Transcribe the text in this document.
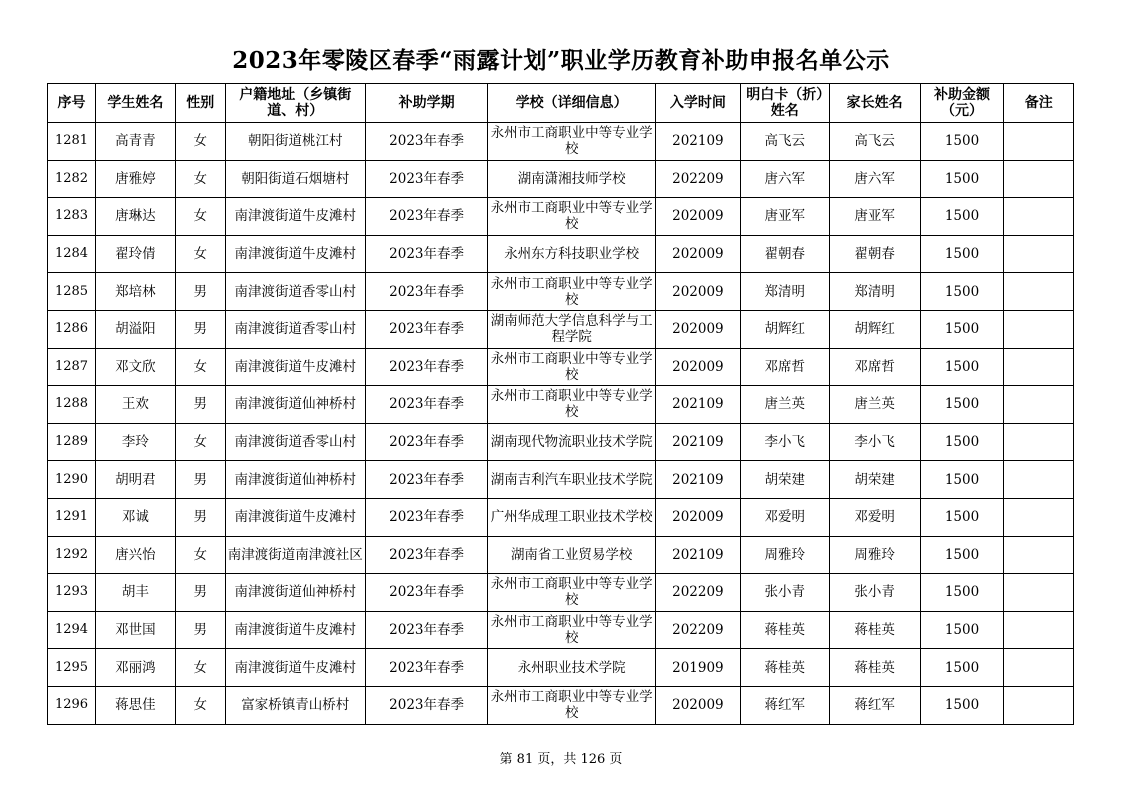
2023年零陵区春季“雨露计划”职业学历教育补助申报名单公示
序号	学生姓名	性别	户籍地址（乡镇街道、村）	补助学期	学校（详细信息）	入学时间	明白卡（折）姓名	家长姓名	补助金额（元）	备注
1281	高青青	女	朝阳街道桃江村	2023年春季	永州市工商职业中等专业学校	202109	高飞云	高飞云	1500	
1282	唐雅婷	女	朝阳街道石烟塘村	2023年春季	湖南潇湘技师学校	202209	唐六军	唐六军	1500	
1283	唐琳达	女	南津渡街道牛皮滩村	2023年春季	永州市工商职业中等专业学校	202009	唐亚军	唐亚军	1500	
1284	翟玲倩	女	南津渡街道牛皮滩村	2023年春季	永州东方科技职业学校	202009	翟朝春	翟朝春	1500	
1285	郑培林	男	南津渡街道香零山村	2023年春季	永州市工商职业中等专业学校	202009	郑清明	郑清明	1500	
1286	胡溢阳	男	南津渡街道香零山村	2023年春季	湖南师范大学信息科学与工程学院	202009	胡辉红	胡辉红	1500	
1287	邓文欣	女	南津渡街道牛皮滩村	2023年春季	永州市工商职业中等专业学校	202009	邓席哲	邓席哲	1500	
1288	王欢	男	南津渡街道仙神桥村	2023年春季	永州市工商职业中等专业学校	202109	唐兰英	唐兰英	1500	
1289	李玲	女	南津渡街道香零山村	2023年春季	湖南现代物流职业技术学院	202109	李小飞	李小飞	1500	
1290	胡明君	男	南津渡街道仙神桥村	2023年春季	湖南吉利汽车职业技术学院	202109	胡荣建	胡荣建	1500	
1291	邓诚	男	南津渡街道牛皮滩村	2023年春季	广州华成理工职业技术学校	202009	邓爱明	邓爱明	1500	
1292	唐兴怡	女	南津渡街道南津渡社区	2023年春季	湖南省工业贸易学校	202109	周雅玲	周雅玲	1500	
1293	胡丰	男	南津渡街道仙神桥村	2023年春季	永州市工商职业中等专业学校	202209	张小青	张小青	1500	
1294	邓世国	男	南津渡街道牛皮滩村	2023年春季	永州市工商职业中等专业学校	202209	蒋桂英	蒋桂英	1500	
1295	邓丽鸿	女	南津渡街道牛皮滩村	2023年春季	永州职业技术学院	201909	蒋桂英	蒋桂英	1500	
1296	蒋思佳	女	富家桥镇青山桥村	2023年春季	永州市工商职业中等专业学校	202009	蒋红军	蒋红军	1500	
第 81 页，共 126 页
